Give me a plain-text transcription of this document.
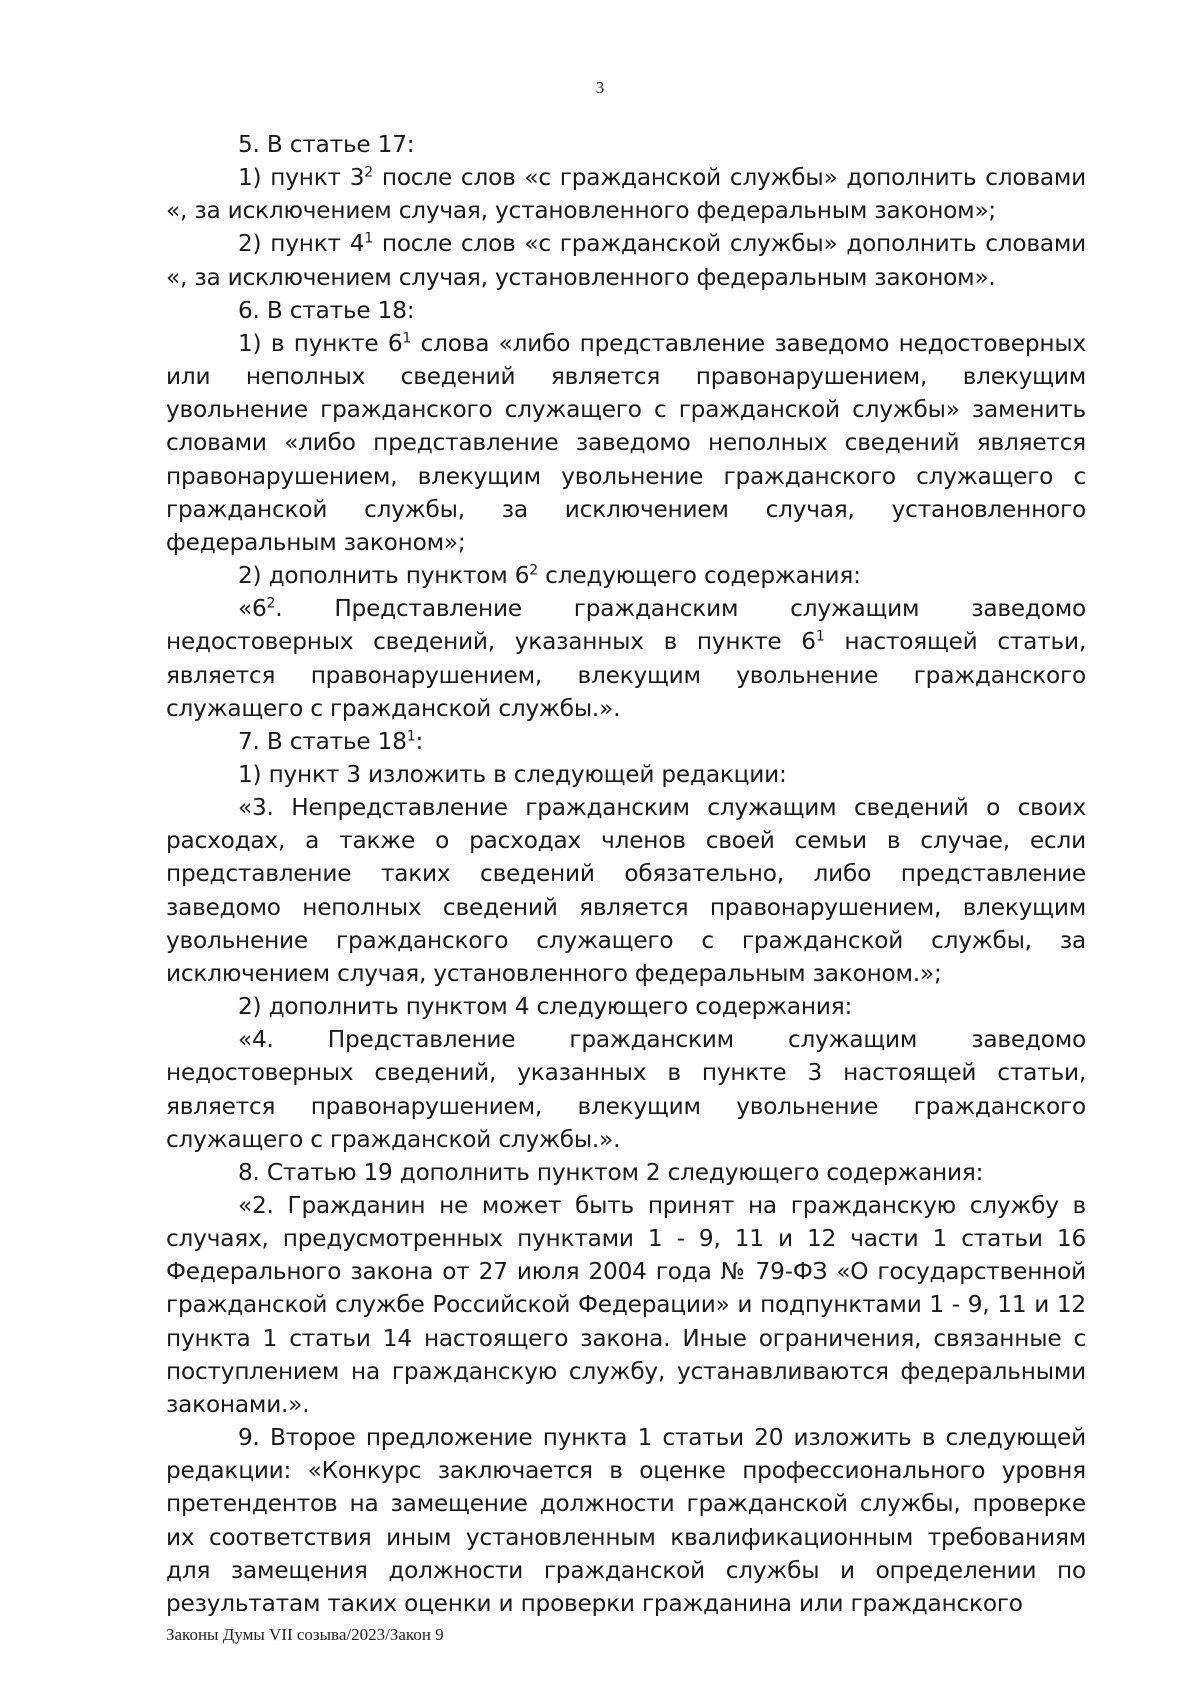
3

5. В статье 17:

1) пункт $3^2$ после слов «с гражданской службы» дополнить словами «, за исключением случая, установленного федеральным законом»;

2) пункт $4^1$ после слов «с гражданской службы» дополнить словами «, за исключением случая, установленного федеральным законом».

6. В статье 18:

1) в пункте $6^1$ слова «либо представление заведомо недостоверных или неполных сведений является правонарушением, влекущим увольнение гражданского служащего с гражданской службы» заменить словами «либо представление заведомо неполных сведений является правонарушением, влекущим увольнение гражданского служащего с гражданской службы, за исключением случая, установленного федеральным законом»;

2) дополнить пунктом $6^2$ следующего содержания:

«$6^2$. Представление гражданским служащим заведомо недостоверных сведений, указанных в пункте $6^1$ настоящей статьи, является правонарушением, влекущим увольнение гражданского служащего с гражданской службы.».

7. В статье $18^1$:

1) пункт 3 изложить в следующей редакции:

«3. Непредставление гражданским служащим сведений о своих расходах, а также о расходах членов своей семьи в случае, если представление таких сведений обязательно, либо представление заведомо неполных сведений является правонарушением, влекущим увольнение гражданского служащего с гражданской службы, за исключением случая, установленного федеральным законом.»;

2) дополнить пунктом 4 следующего содержания:

«4. Представление гражданским служащим заведомо недостоверных сведений, указанных в пункте 3 настоящей статьи, является правонарушением, влекущим увольнение гражданского служащего с гражданской службы.».

8. Статью 19 дополнить пунктом 2 следующего содержания:

«2. Гражданин не может быть принят на гражданскую службу в случаях, предусмотренных пунктами 1 - 9, 11 и 12 части 1 статьи 16 Федерального закона от 27 июля 2004 года № 79-ФЗ «О государственной гражданской службе Российской Федерации» и подпунктами 1 - 9, 11 и 12 пункта 1 статьи 14 настоящего закона. Иные ограничения, связанные с поступлением на гражданскую службу, устанавливаются федеральными законами.».

9. Второе предложение пункта 1 статьи 20 изложить в следующей редакции: «Конкурс заключается в оценке профессионального уровня претендентов на замещение должности гражданской службы, проверке их соответствия иным установленным квалификационным требованиям для замещения должности гражданской службы и определении по результатам таких оценки и проверки гражданина или гражданского

Законы Думы VII созыва/2023/Закон 9
